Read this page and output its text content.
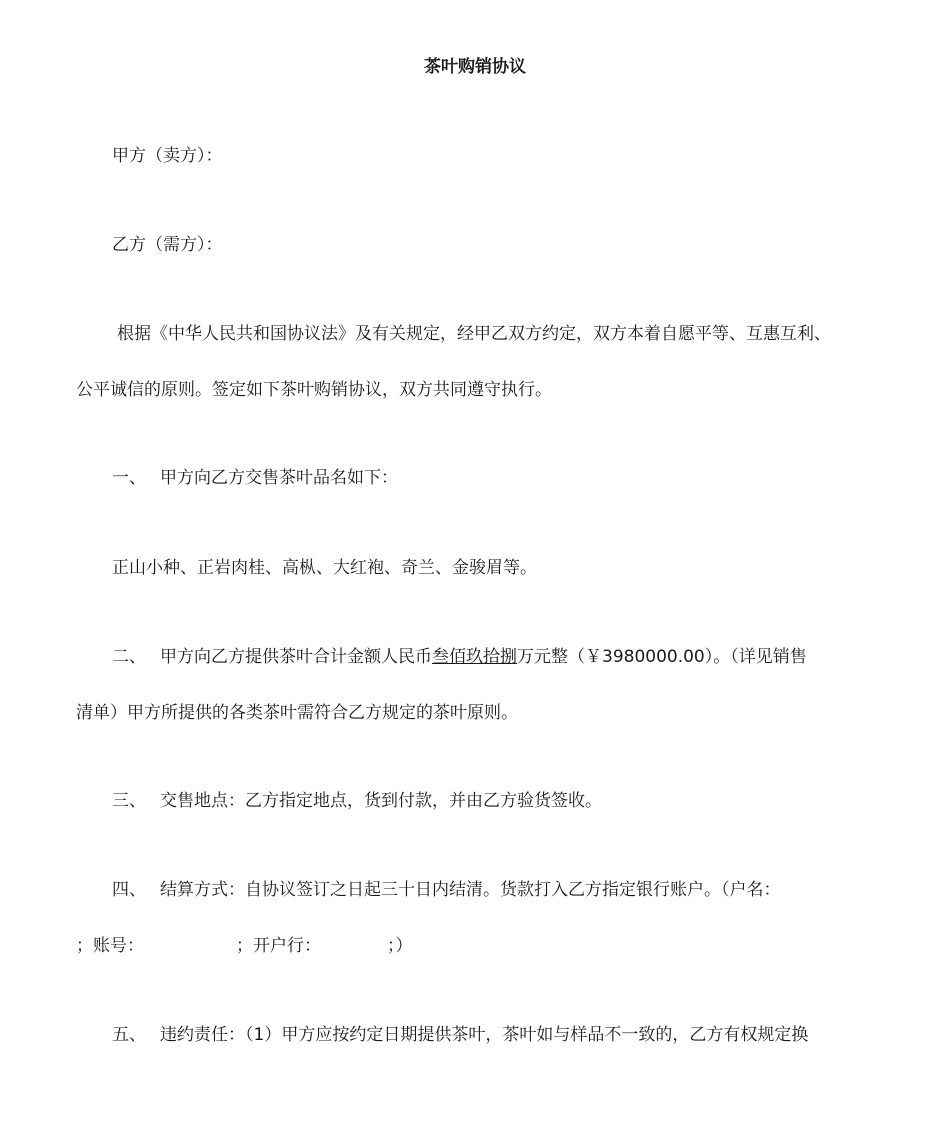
茶叶购销协议
甲方（卖方）：
乙方（需方）：
根据《中华人民共和国协议法》及有关规定，经甲乙双方约定，双方本着自愿平等、互惠互利、
公平诚信的原则。签定如下茶叶购销协议，双方共同遵守执行。
一、 甲方向乙方交售茶叶品名如下：
正山小种、正岩肉桂、高枞、大红袍、奇兰、金骏眉等。
二、 甲方向乙方提供茶叶合计金额人民币叁佰玖拾捌万元整（￥3980000.00）。（详见销售
清单）甲方所提供的各类茶叶需符合乙方规定的茶叶原则。
三、 交售地点：乙方指定地点，货到付款，并由乙方验货签收。
四、 结算方式：自协议签订之日起三十日内结清。货款打入乙方指定银行账户。（户名：
；账号：	；开户行：	；）
五、 违约责任：（1）甲方应按约定日期提供茶叶，茶叶如与样品不一致的，乙方有权规定换
